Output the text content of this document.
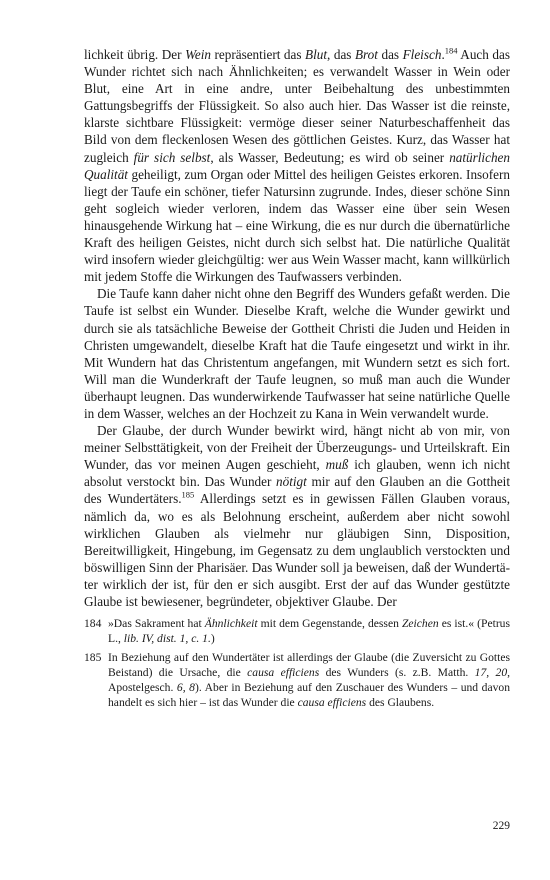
lichkeit übrig. Der Wein repräsentiert das Blut, das Brot das Fleisch.$^{184}$ Auch das Wunder richtet sich nach Ähnlichkeiten; es verwandelt Wasser in Wein oder Blut, eine Art in eine andre, unter Beibehaltung des unbestimmten Gattungsbegriffs der Flüssigkeit. So also auch hier. Das Wasser ist die reinste, klarste sichtbare Flüssigkeit: vermöge dieser seiner Naturbeschaffenheit das Bild von dem fleckenlosen Wesen des göttlichen Geistes. Kurz, das Wasser hat zugleich für sich selbst, als Wasser, Bedeutung; es wird ob seiner natürlichen Qualität geheiligt, zum Organ oder Mittel des heiligen Geistes erkoren. Insofern liegt der Taufe ein schöner, tiefer Natursinn zugrunde. Indes, dieser schöne Sinn geht sogleich wieder verloren, indem das Wasser eine über sein Wesen hinausgehende Wirkung hat – eine Wirkung, die es nur durch die übernatürliche Kraft des heiligen Geistes, nicht durch sich selbst hat. Die natürliche Qualität wird insofern wieder gleichgültig: wer aus Wein Wasser macht, kann willkürlich mit jedem Stoffe die Wirkungen des Taufwassers verbinden.

Die Taufe kann daher nicht ohne den Begriff des Wunders gefaßt werden. Die Taufe ist selbst ein Wunder. Dieselbe Kraft, welche die Wunder gewirkt und durch sie als tatsächliche Beweise der Gottheit Christi die Juden und Heiden in Christen umgewandelt, dieselbe Kraft hat die Taufe eingesetzt und wirkt in ihr. Mit Wundern hat das Christentum angefangen, mit Wundern setzt es sich fort. Will man die Wunderkraft der Taufe leugnen, so muß man auch die Wunder überhaupt leugnen. Das wunderwirkende Taufwasser hat seine natürliche Quelle in dem Wasser, welches an der Hochzeit zu Kana in Wein verwandelt wurde.

Der Glaube, der durch Wunder bewirkt wird, hängt nicht ab von mir, von meiner Selbsttätigkeit, von der Freiheit der Überzeugungs- und Urteilskraft. Ein Wunder, das vor meinen Augen geschieht, muß ich glauben, wenn ich nicht absolut verstockt bin. Das Wunder nötigt mir auf den Glauben an die Gottheit des Wundertäters.$^{185}$ Allerdings setzt es in gewissen Fällen Glauben voraus, nämlich da, wo es als Belohnung erscheint, außerdem aber nicht sowohl wirklichen Glauben als vielmehr nur gläubigen Sinn, Disposition, Bereitwilligkeit, Hingebung, im Gegensatz zu dem unglaublich verstockten und böswilligen Sinn der Pharisäer. Das Wunder soll ja beweisen, daß der Wundertäter wirklich der ist, für den er sich ausgibt. Erst der auf das Wunder gestützte Glaube ist bewiesener, begründeter, objektiver Glaube. Der

184 »Das Sakrament hat Ähnlichkeit mit dem Gegenstande, dessen Zeichen es ist.« (Petrus L., lib. IV, dist. 1, c. 1.)
185 In Beziehung auf den Wundertäter ist allerdings der Glaube (die Zuversicht zu Gottes Beistand) die Ursache, die causa efficiens des Wunders (s. z.B. Matth. 17, 20, Apostelgesch. 6, 8). Aber in Beziehung auf den Zuschauer des Wunders – und davon handelt es sich hier – ist das Wunder die causa efficiens des Glaubens.
229
